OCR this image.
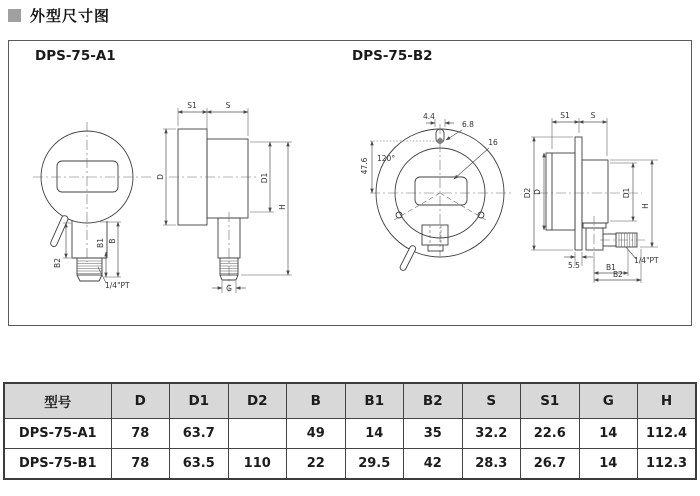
外型尺寸图
DPS-75-A1	DPS-75-B2
B
B1
B2
1/4"PT
S1	S
D	D1
H
G
4.4
6.8
16
47.6 120°
S1	S
D2 D	D1
H
5.5	B1
B2
1/4"PT
型号	D	D1	D2	B	B1	B2	S	S1	G	H
DPS-75-A1	78	63.7		49	14	35	32.2	22.6	14	112.4
DPS-75-B1	78	63.5	110	22	29.5	42	28.3	26.7	14	112.3
